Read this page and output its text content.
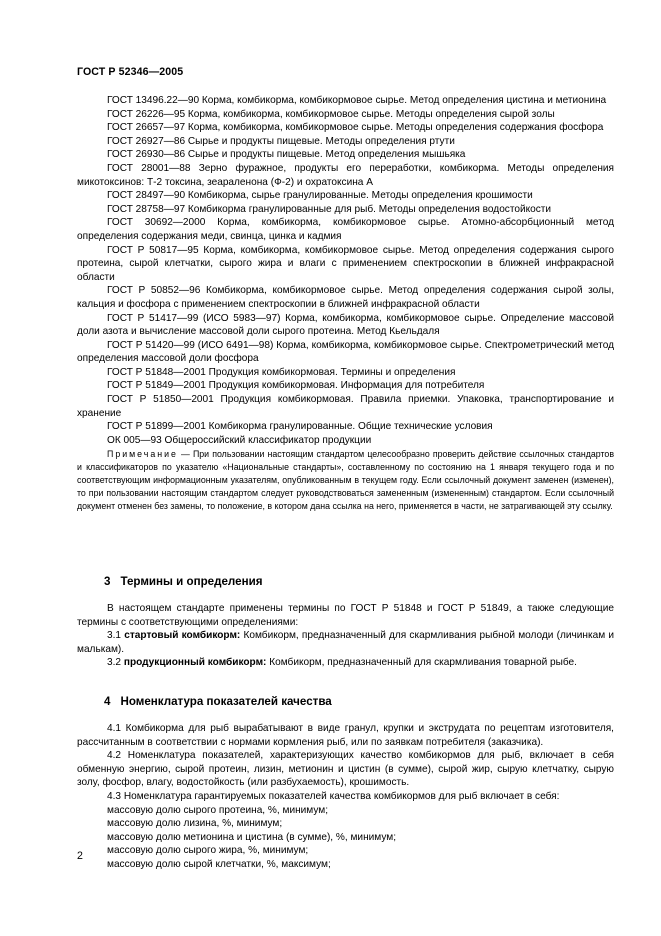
ГОСТ Р 52346—2005

ГОСТ 13496.22—90 Корма, комбикорма, комбикормовое сырье. Метод определения цистина и метионина

ГОСТ 26226—95 Корма, комбикорма, комбикормовое сырье. Методы определения сырой золы

ГОСТ 26657—97 Корма, комбикорма, комбикормовое сырье. Методы определения содержания фосфора

ГОСТ 26927—86 Сырье и продукты пищевые. Методы определения ртути

ГОСТ 26930—86 Сырье и продукты пищевые. Метод определения мышьяка

ГОСТ 28001—88 Зерно фуражное, продукты его переработки, комбикорма. Методы определения микотоксинов: Т-2 токсина, зеараленона (Ф-2) и охратоксина А

ГОСТ 28497—90 Комбикорма, сырье гранулированные. Методы определения крошимости

ГОСТ 28758—97 Комбикорма гранулированные для рыб. Методы определения водостойкости

ГОСТ 30692—2000 Корма, комбикорма, комбикормовое сырье. Атомно-абсорбционный метод определения содержания меди, свинца, цинка и кадмия

ГОСТ Р 50817—95 Корма, комбикорма, комбикормовое сырье. Метод определения содержания сырого протеина, сырой клетчатки, сырого жира и влаги с применением спектроскопии в ближней инфракрасной области

ГОСТ Р 50852—96 Комбикорма, комбикормовое сырье. Метод определения содержания сырой золы, кальция и фосфора с применением спектроскопии в ближней инфракрасной области

ГОСТ Р 51417—99 (ИСО 5983—97) Корма, комбикорма, комбикормовое сырье. Определение массовой доли азота и вычисление массовой доли сырого протеина. Метод Кьельдаля

ГОСТ Р 51420—99 (ИСО 6491—98) Корма, комбикорма, комбикормовое сырье. Спектрометрический метод определения массовой доли фосфора

ГОСТ Р 51848—2001 Продукция комбикормовая. Термины и определения

ГОСТ Р 51849—2001 Продукция комбикормовая. Информация для потребителя

ГОСТ Р 51850—2001 Продукция комбикормовая. Правила приемки. Упаковка, транспортирование и хранение

ГОСТ Р 51899—2001 Комбикорма гранулированные. Общие технические условия

ОК 005—93 Общероссийский классификатор продукции

Примечание — При пользовании настоящим стандартом целесообразно проверить действие ссылочных стандартов и классификаторов по указателю «Национальные стандарты», составленному по состоянию на 1 января текущего года и по соответствующим информационным указателям, опубликованным в текущем году. Если ссылочный документ заменен (изменен), то при пользовании настоящим стандартом следует руководствоваться замененным (измененным) стандартом. Если ссылочный документ отменен без замены, то положение, в котором дана ссылка на него, применяется в части, не затрагивающей эту ссылку.

3 Термины и определения

В настоящем стандарте применены термины по ГОСТ Р 51848 и ГОСТ Р 51849, а также следующие термины с соответствующими определениями:

3.1 стартовый комбикорм: Комбикорм, предназначенный для скармливания рыбной молоди (личинкам и малькам).

3.2 продукционный комбикорм: Комбикорм, предназначенный для скармливания товарной рыбе.

4 Номенклатура показателей качества

4.1 Комбикорма для рыб вырабатывают в виде гранул, крупки и экструдата по рецептам изготовителя, рассчитанным в соответствии с нормами кормления рыб, или по заявкам потребителя (заказчика).

4.2 Номенклатура показателей, характеризующих качество комбикормов для рыб, включает в себя обменную энергию, сырой протеин, лизин, метионин и цистин (в сумме), сырой жир, сырую клетчатку, сырую золу, фосфор, влагу, водостойкость (или разбухаемость), крошимость.

4.3 Номенклатура гарантируемых показателей качества комбикормов для рыб включает в себя:

массовую долю сырого протеина, %, минимум;

массовую долю лизина, %, минимум;

массовую долю метионина и цистина (в сумме), %, минимум;

массовую долю сырого жира, %, минимум;

массовую долю сырой клетчатки, %, максимум;

2
